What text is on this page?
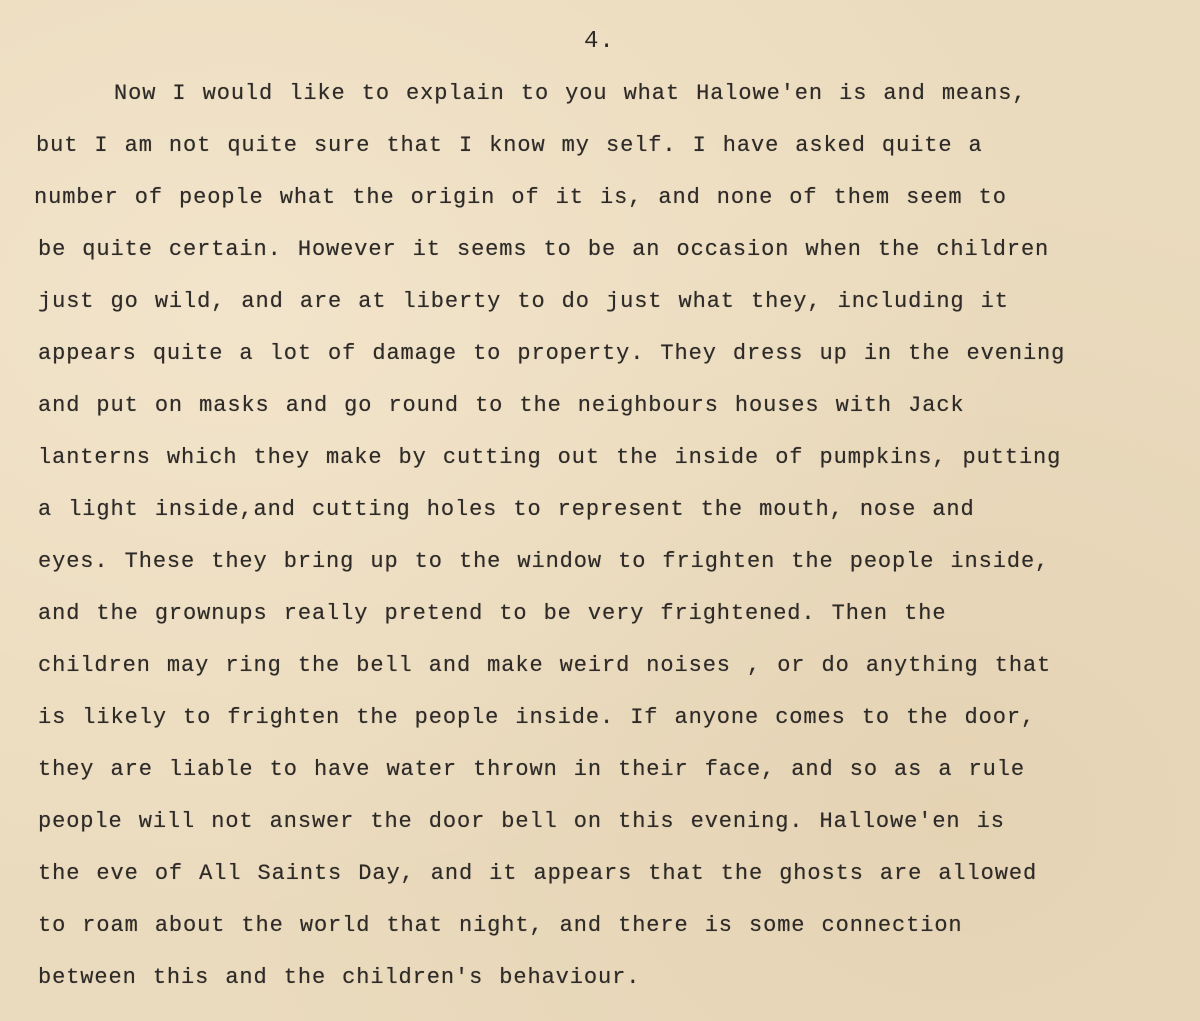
4.
Now I would like to explain to you what Halowe'en is and means,
but I am not quite sure that I know my self. I have asked quite a
number of people what the origin of it is, and none of them seem to
be quite certain. However it seems to be an occasion when the children
just go wild, and are at liberty to do just what they, including it
appears quite a lot of damage to property. They dress up in the evening
and put on masks and go round to the neighbours houses with Jack
lanterns which they make by cutting out the inside of pumpkins, putting
a light inside,and cutting holes to represent the mouth, nose and
eyes. These they bring up to the window to frighten the people inside,
and the grownups really pretend to be very frightened. Then the
children may ring the bell and make weird noises , or do anything that
is likely to frighten the people inside. If anyone comes to the door,
they are liable to have water thrown in their face, and so as a rule
people will not answer the door bell on this evening. Hallowe'en is
the eve of All Saints Day, and it appears that the ghosts are allowed
to roam about the world that night, and there is some connection
between this and the children's behaviour.
